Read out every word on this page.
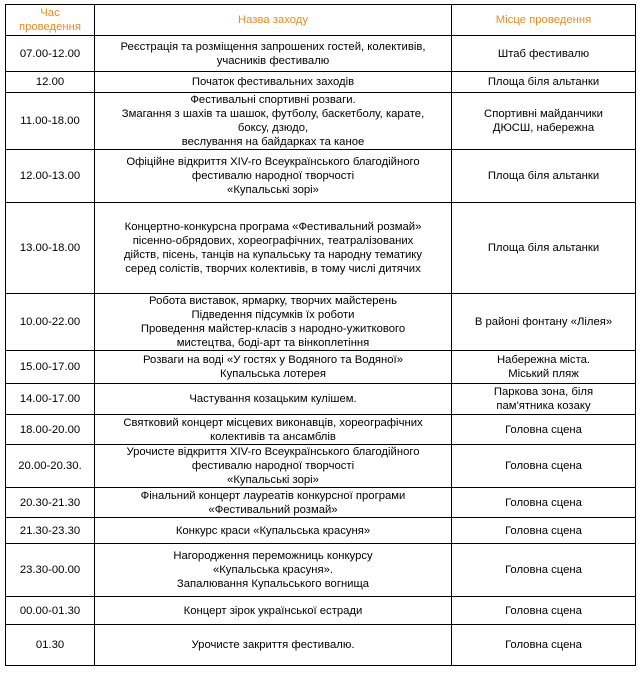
Час
проведення	Назва заходу	Місце проведення
07.00-12.00	Реєстрація та розміщення запрошених гостей, колективів,
учасників фестивалю	Штаб фестивалю

12.00	Початок фестивальних заходів	Площа біля альтанки

11.00-18.00	Фестивальні спортивні розваги.
Змагання з шахів та шашок, футболу, баскетболу, карате,
боксу, дзюдо,
веслування на байдарках та каное	Спортивні майданчики
ДЮСШ, набережна

12.00-13.00	Офіційне відкриття XIV-го Всеукраїнського благодійного
фестивалю народної творчості
«Купальські зорі»	Площа біля альтанки

13.00-18.00	Концертно-конкурсна програма «Фестивальний розмай»
пісенно-обрядових, хореографічних, театралізованих
дійств, пісень, танців на купальську та народну тематику
серед солістів, творчих колективів, в тому числі дитячих	Площа біля альтанки

10.00-22.00	Робота виставок, ярмарку, творчих майстерень
Підведення підсумків їх роботи
Проведення майстер-класів з народно-ужиткового
мистецтва, боді-арт та вінкоплетіння	В районі фонтану «Лілея»

15.00-17.00	Розваги на воді «У гостях у Водяного та Водяної»
Купальська лотерея	Набережна міста.
Міський пляж

14.00-17.00	Частування козацьким кулішем.	Паркова зона, біля
пам'ятника козаку

18.00-20.00	Святковий концерт місцевих виконавців, хореографічних
колективів та ансамблів	Головна сцена

20.00-20.30.	Урочисте відкриття XIV-го Всеукраїнського благодійного
фестивалю народної творчості
«Купальські зорі»	Головна сцена

20.30-21.30	Фінальний концерт лауреатів конкурсної програми
«Фестивальний розмай»	Головна сцена

21.30-23.30	Конкурс краси «Купальська красуня»	Головна сцена

23.30-00.00	Нагородження переможниць конкурсу
«Купальська красуня».
Запалювання Купальського вогнища	Головна сцена

00.00-01.30	Концерт зірок української естради	Головна сцена

01.30	Урочисте закриття фестивалю.	Головна сцена
